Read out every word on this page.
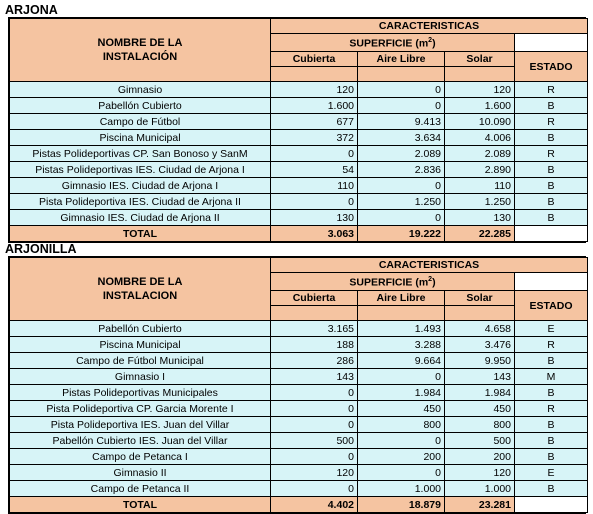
ARJONA
NOMBRE DE LA INSTALACIÓN	CARACTERISTICAS			
	SUPERFICIE $(m^2)$			
	Cubierta	Aire Libre	Solar	ESTADO

Gimnasio	120	0	120	R
Pabellón Cubierto	1.600	0	1.600	B
Campo de Fútbol	677	9.413	10.090	R
Piscina Municipal	372	3.634	4.006	B
Pistas Polideportivas CP. San Bonoso y SanM	0	2.089	2.089	R
Pistas Polideportivas IES. Ciudad de Arjona I	54	2.836	2.890	B
Gimnasio IES. Ciudad de Arjona I	110	0	110	B
Pista Polideportiva IES. Ciudad de Arjona II	0	1.250	1.250	B
Gimnasio IES. Ciudad de Arjona II	130	0	130	B
TOTAL	3.063	19.222	22.285	
ARJONILLA
NOMBRE DE LA INSTALACION	CARACTERISTICAS			
	SUPERFICIE $(m^2)$			
	Cubierta	Aire Libre	Solar	ESTADO

Pabellón Cubierto	3.165	1.493	4.658	E
Piscina Municipal	188	3.288	3.476	R
Campo de Fútbol Municipal	286	9.664	9.950	B
Gimnasio I	143	0	143	M
Pistas Polideportivas Municipales	0	1.984	1.984	B
Pista Polideportiva CP. Garcia Morente I	0	450	450	R
Pista Polideportiva IES. Juan del Villar	0	800	800	B
Pabellón Cubierto IES. Juan del Villar	500	0	500	B
Campo de Petanca I	0	200	200	B
Gimnasio II	120	0	120	E
Campo de Petanca II	0	1.000	1.000	B
TOTAL	4.402	18.879	23.281	
